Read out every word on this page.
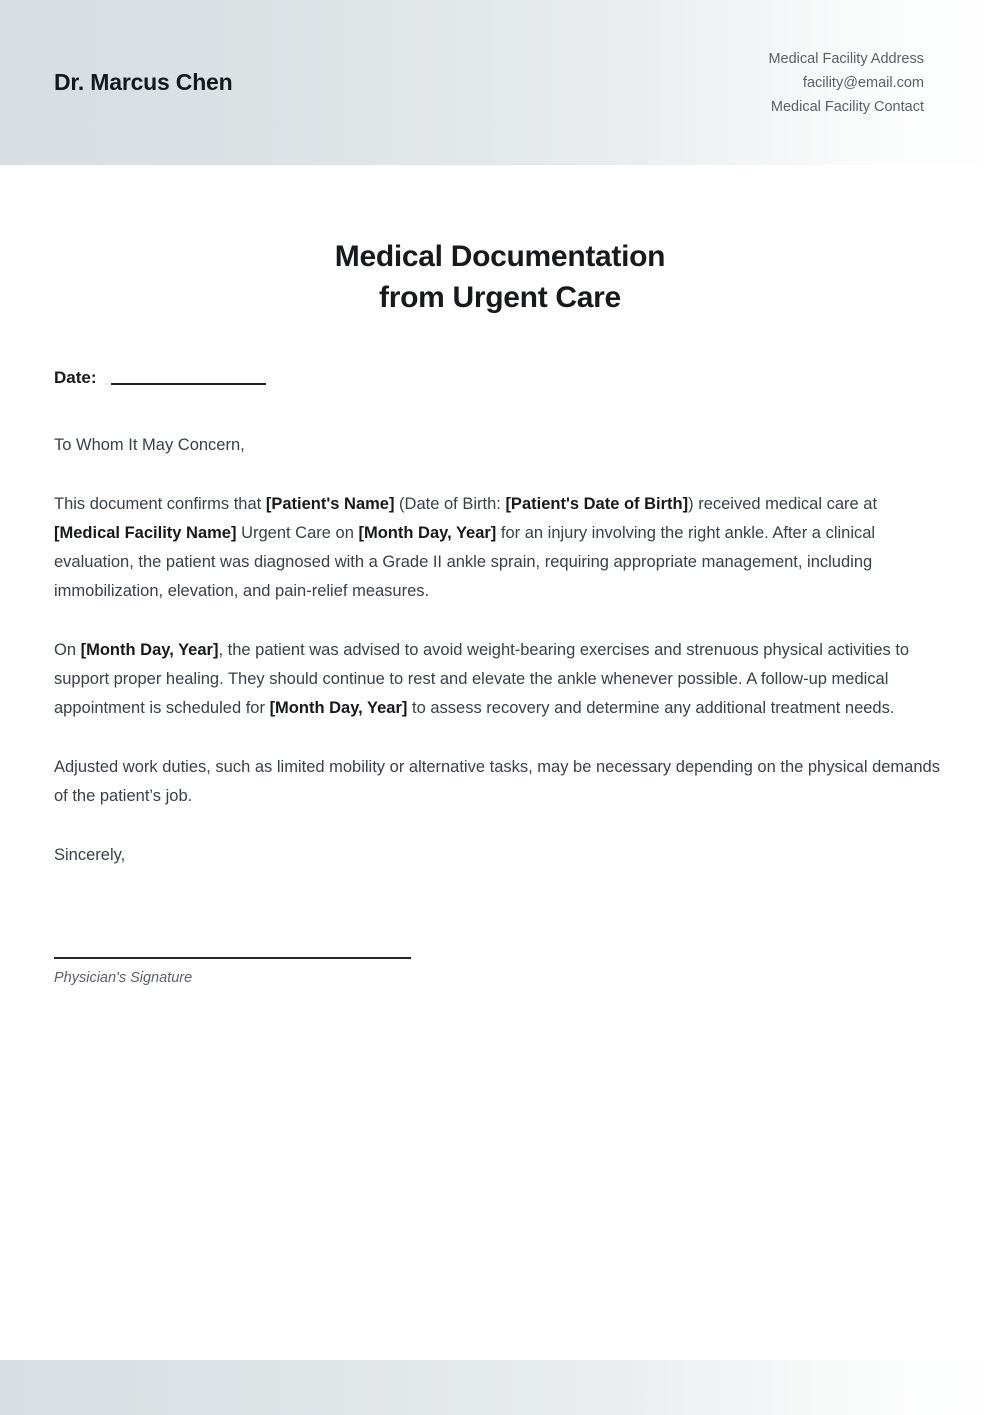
Dr. Marcus Chen
Medical Facility Address
facility@email.com
Medical Facility Contact
Medical Documentation
from Urgent Care
Date:
To Whom It May Concern,

This document confirms that [Patient's Name] (Date of Birth: [Patient's Date of Birth]) received medical care at [Medical Facility Name] Urgent Care on [Month Day, Year] for an injury involving the right ankle. After a clinical evaluation, the patient was diagnosed with a Grade II ankle sprain, requiring appropriate management, including immobilization, elevation, and pain-relief measures.

On [Month Day, Year], the patient was advised to avoid weight-bearing exercises and strenuous physical activities to support proper healing. They should continue to rest and elevate the ankle whenever possible. A follow-up medical appointment is scheduled for [Month Day, Year] to assess recovery and determine any additional treatment needs.

Adjusted work duties, such as limited mobility or alternative tasks, may be necessary depending on the physical demands of the patient’s job.

Sincerely,
Physician's Signature
